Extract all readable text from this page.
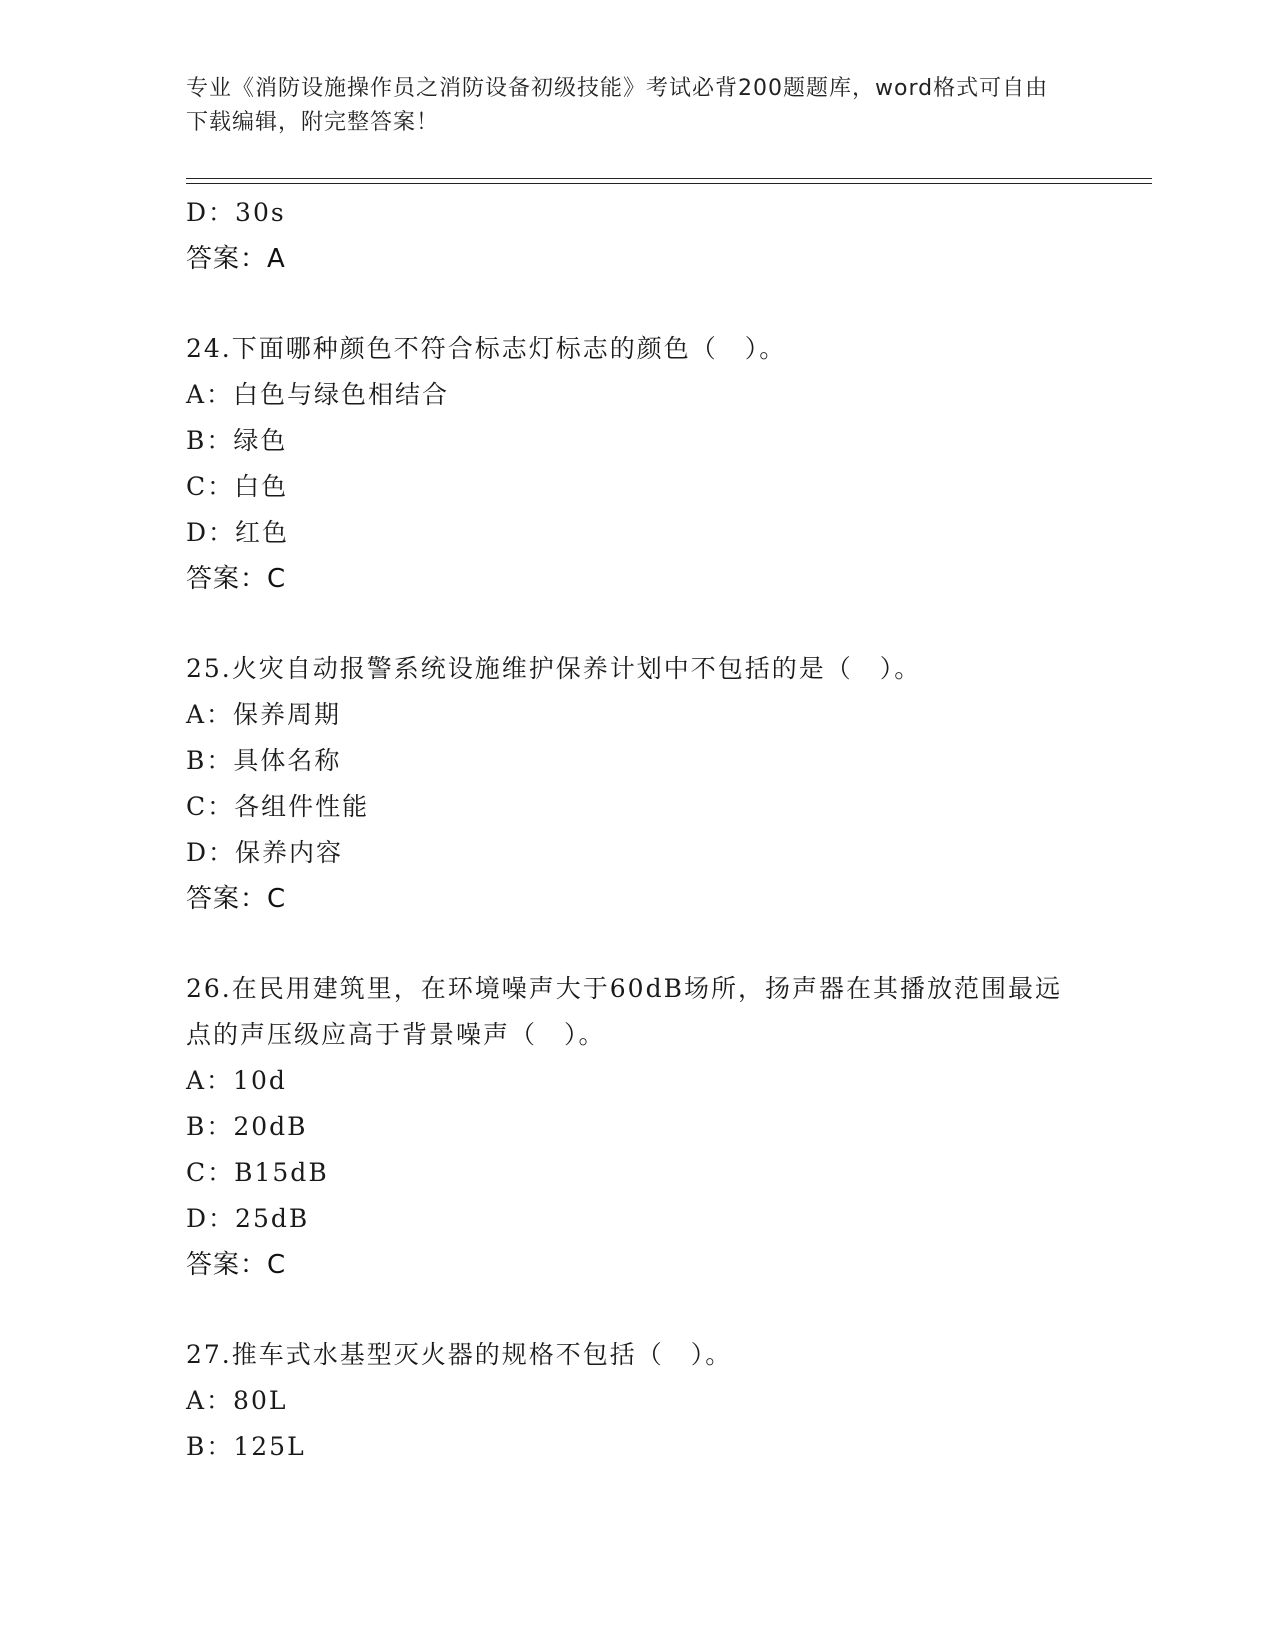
专业《消防设施操作员之消防设备初级技能》考试必背200题题库，word格式可自由下载编辑，附完整答案！
D：30s
答案：A
24.下面哪种颜色不符合标志灯标志的颜色（　）。
A：白色与绿色相结合
B：绿色
C：白色
D：红色
答案：C
25.火灾自动报警系统设施维护保养计划中不包括的是（　）。
A：保养周期
B：具体名称
C：各组件性能
D：保养内容
答案：C
26.在民用建筑里，在环境噪声大于60dB场所，扬声器在其播放范围最远点的声压级应高于背景噪声（　）。
A：10d
B：20dB
C：B15dB
D：25dB
答案：C
27.推车式水基型灭火器的规格不包括（　）。
A：80L
B：125L
